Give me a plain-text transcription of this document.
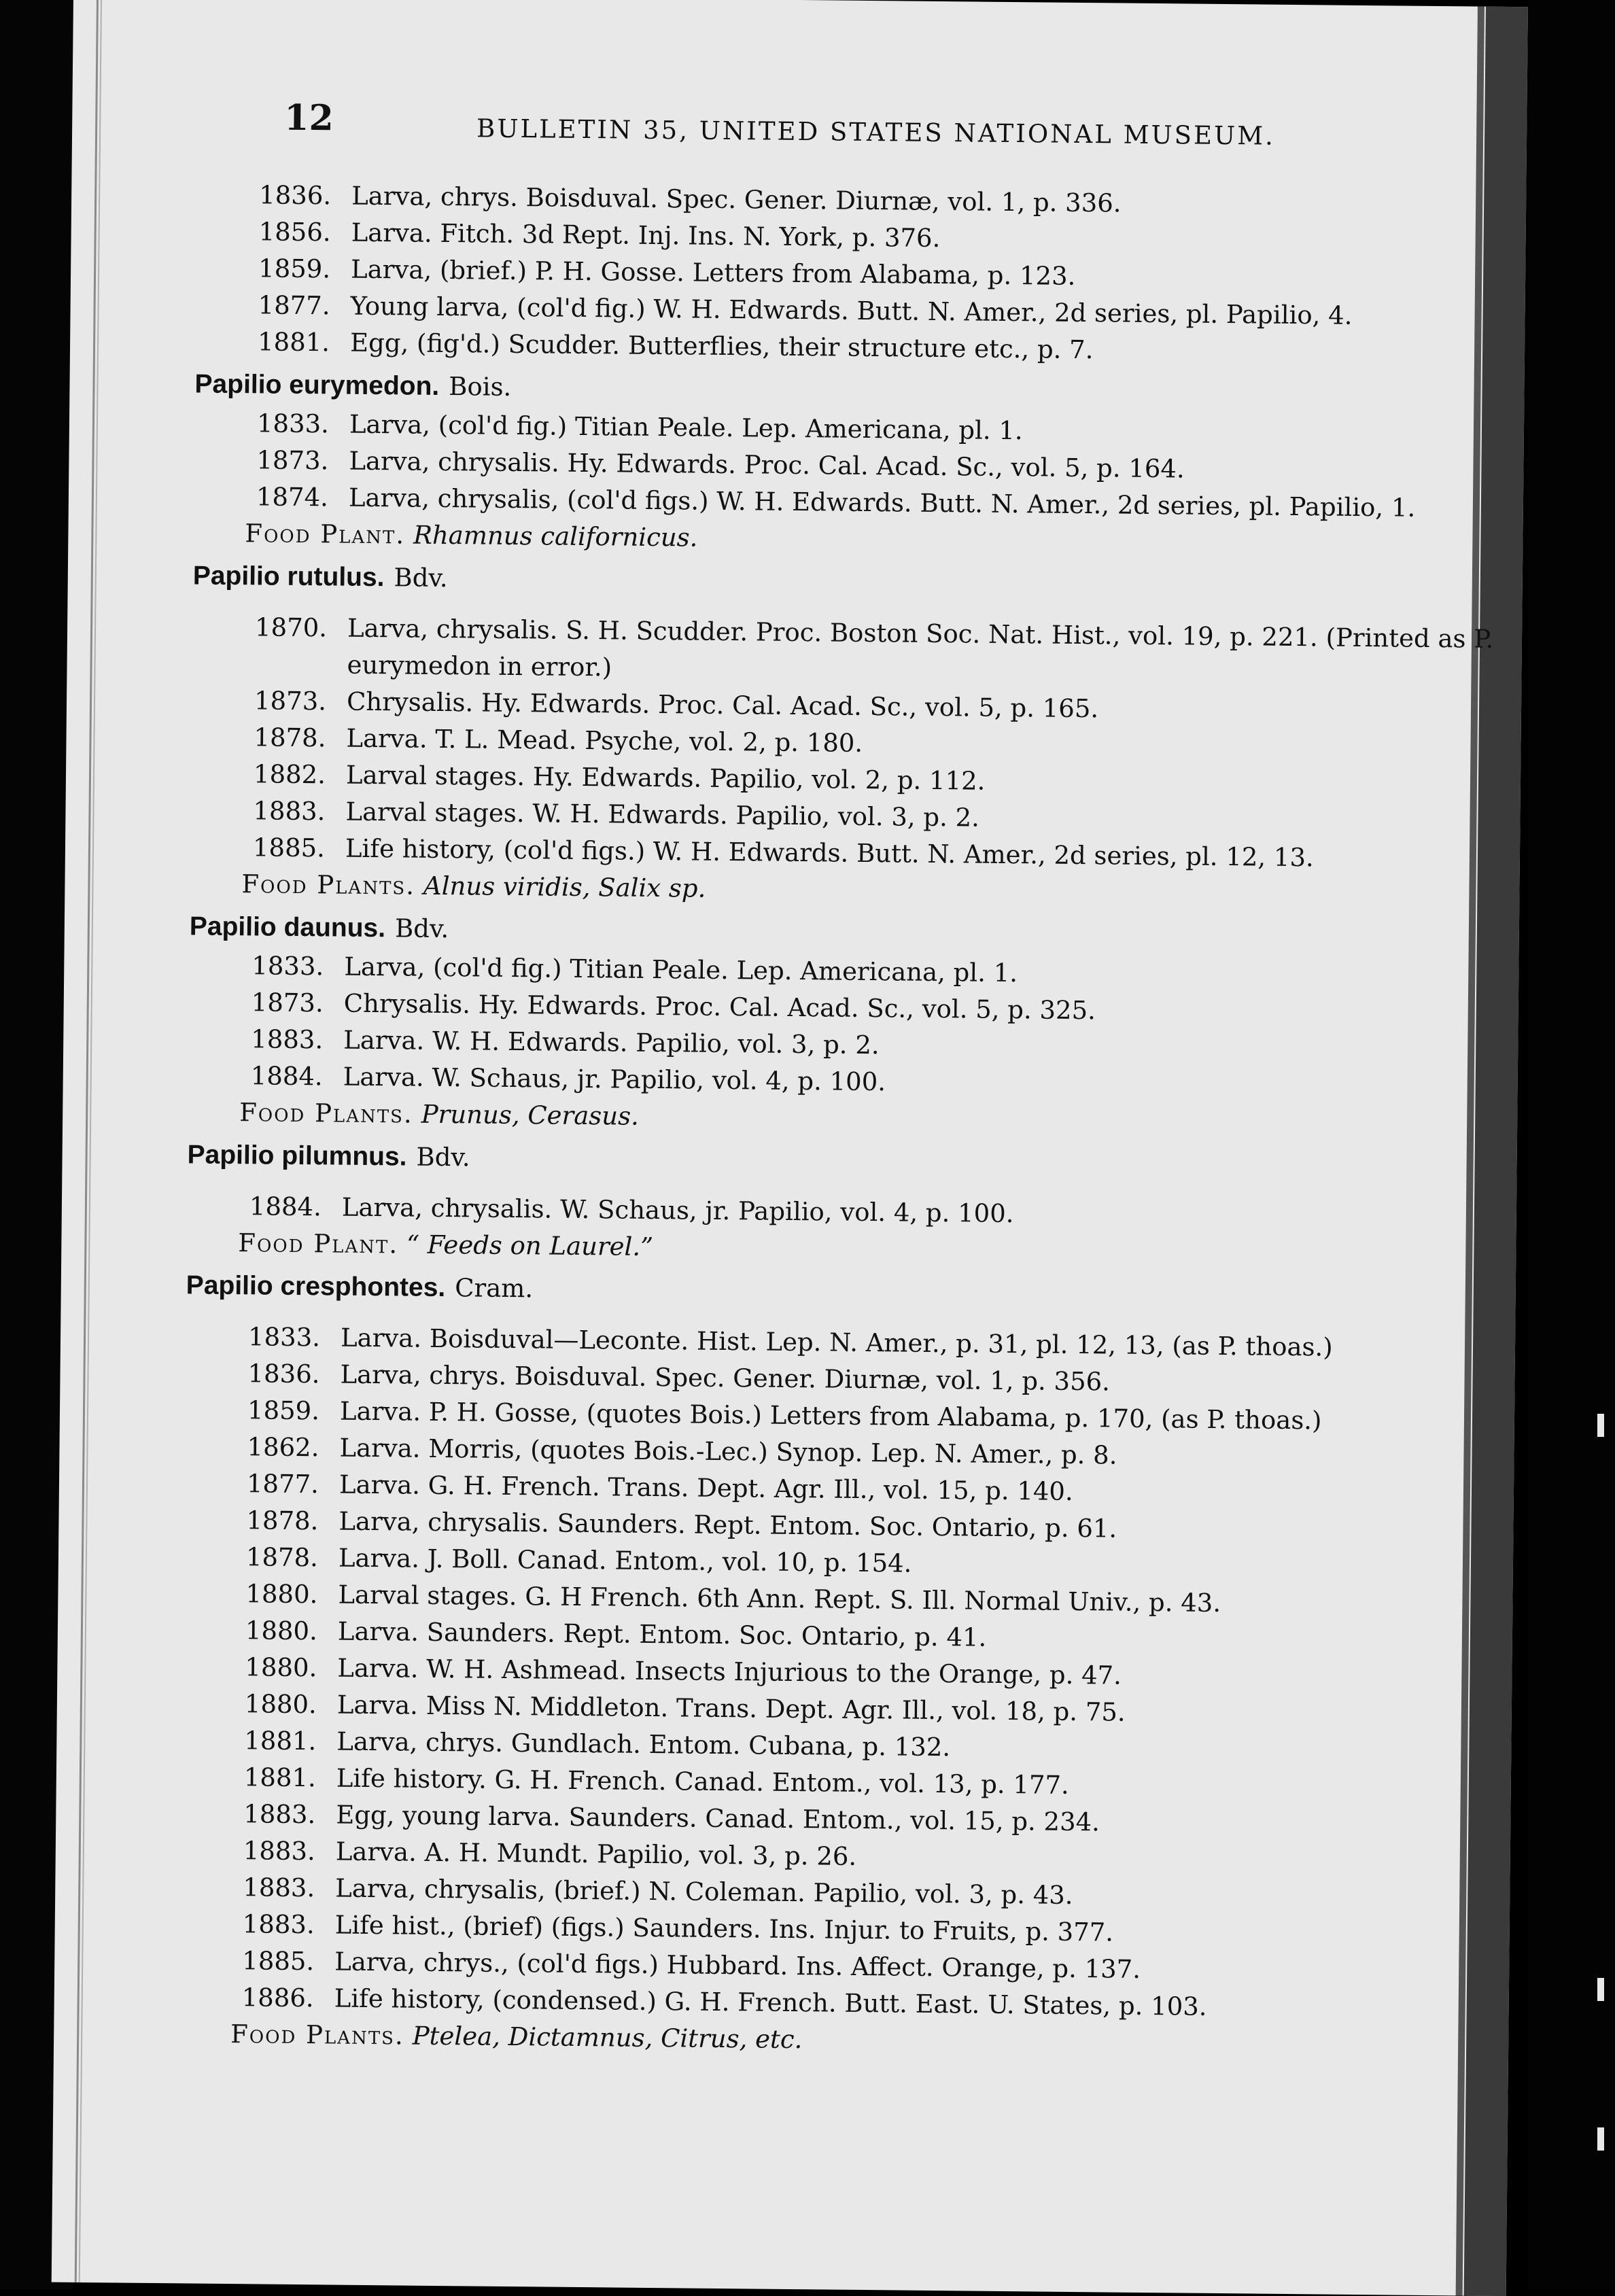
12	BULLETIN 35, UNITED STATES NATIONAL MUSEUM.
1836. Larva, chrys. Boisduval. Spec. Gener. Diurnæ, vol. 1, p. 336.
1856. Larva. Fitch. 3d Rept. Inj. Ins. N. York, p. 376.
1859. Larva, (brief.) P. H. Gosse. Letters from Alabama, p. 123.
1877. Young larva, (col'd fig.) W. H. Edwards. Butt. N. Amer., 2d series, pl. Papilio, 4.
1881. Egg, (fig'd.) Scudder. Butterflies, their structure etc., p. 7.
Papilio eurymedon. Bois.
1833. Larva, (col'd fig.) Titian Peale. Lep. Americana, pl. 1.
1873. Larva, chrysalis. Hy. Edwards. Proc. Cal. Acad. Sc., vol. 5, p. 164.
1874. Larva, chrysalis, (col'd figs.) W. H. Edwards. Butt. N. Amer., 2d series, pl. Papilio, 1.
Food Plant. Rhamnus californicus.
Papilio rutulus. Bdv.
1870. Larva, chrysalis. S. H. Scudder. Proc. Boston Soc. Nat. Hist., vol. 19, p. 221. (Printed as P. eurymedon in error.)
1873. Chrysalis. Hy. Edwards. Proc. Cal. Acad. Sc., vol. 5, p. 165.
1878. Larva. T. L. Mead. Psyche, vol. 2, p. 180.
1882. Larval stages. Hy. Edwards. Papilio, vol. 2, p. 112.
1883. Larval stages. W. H. Edwards. Papilio, vol. 3, p. 2.
1885. Life history, (col'd figs.) W. H. Edwards. Butt. N. Amer., 2d series, pl. 12, 13.
Food Plants. Alnus viridis, Salix sp.
Papilio daunus. Bdv.
1833. Larva, (col'd fig.) Titian Peale. Lep. Americana, pl. 1.
1873. Chrysalis. Hy. Edwards. Proc. Cal. Acad. Sc., vol. 5, p. 325.
1883. Larva. W. H. Edwards. Papilio, vol. 3, p. 2.
1884. Larva. W. Schaus, jr. Papilio, vol. 4, p. 100.
Food Plants. Prunus, Cerasus.
Papilio pilumnus. Bdv.
1884. Larva, chrysalis. W. Schaus, jr. Papilio, vol. 4, p. 100.
Food Plant. “ Feeds on Laurel.”
Papilio cresphontes. Cram.
1833. Larva. Boisduval—Leconte. Hist. Lep. N. Amer., p. 31, pl. 12, 13, (as P. thoas.)
1836. Larva, chrys. Boisduval. Spec. Gener. Diurnæ, vol. 1, p. 356.
1859. Larva. P. H. Gosse, (quotes Bois.) Letters from Alabama, p. 170, (as P. thoas.)
1862. Larva. Morris, (quotes Bois.-Lec.) Synop. Lep. N. Amer., p. 8.
1877. Larva. G. H. French. Trans. Dept. Agr. Ill., vol. 15, p. 140.
1878. Larva, chrysalis. Saunders. Rept. Entom. Soc. Ontario, p. 61.
1878. Larva. J. Boll. Canad. Entom., vol. 10, p. 154.
1880. Larval stages. G. H French. 6th Ann. Rept. S. Ill. Normal Univ., p. 43.
1880. Larva. Saunders. Rept. Entom. Soc. Ontario, p. 41.
1880. Larva. W. H. Ashmead. Insects Injurious to the Orange, p. 47.
1880. Larva. Miss N. Middleton. Trans. Dept. Agr. Ill., vol. 18, p. 75.
1881. Larva, chrys. Gundlach. Entom. Cubana, p. 132.
1881. Life history. G. H. French. Canad. Entom., vol. 13, p. 177.
1883. Egg, young larva. Saunders. Canad. Entom., vol. 15, p. 234.
1883. Larva. A. H. Mundt. Papilio, vol. 3, p. 26.
1883. Larva, chrysalis, (brief.) N. Coleman. Papilio, vol. 3, p. 43.
1883. Life hist., (brief) (figs.) Saunders. Ins. Injur. to Fruits, p. 377.
1885. Larva, chrys., (col'd figs.) Hubbard. Ins. Affect. Orange, p. 137.
1886. Life history, (condensed.) G. H. French. Butt. East. U. States, p. 103.
Food Plants. Ptelea, Dictamnus, Citrus, etc.
